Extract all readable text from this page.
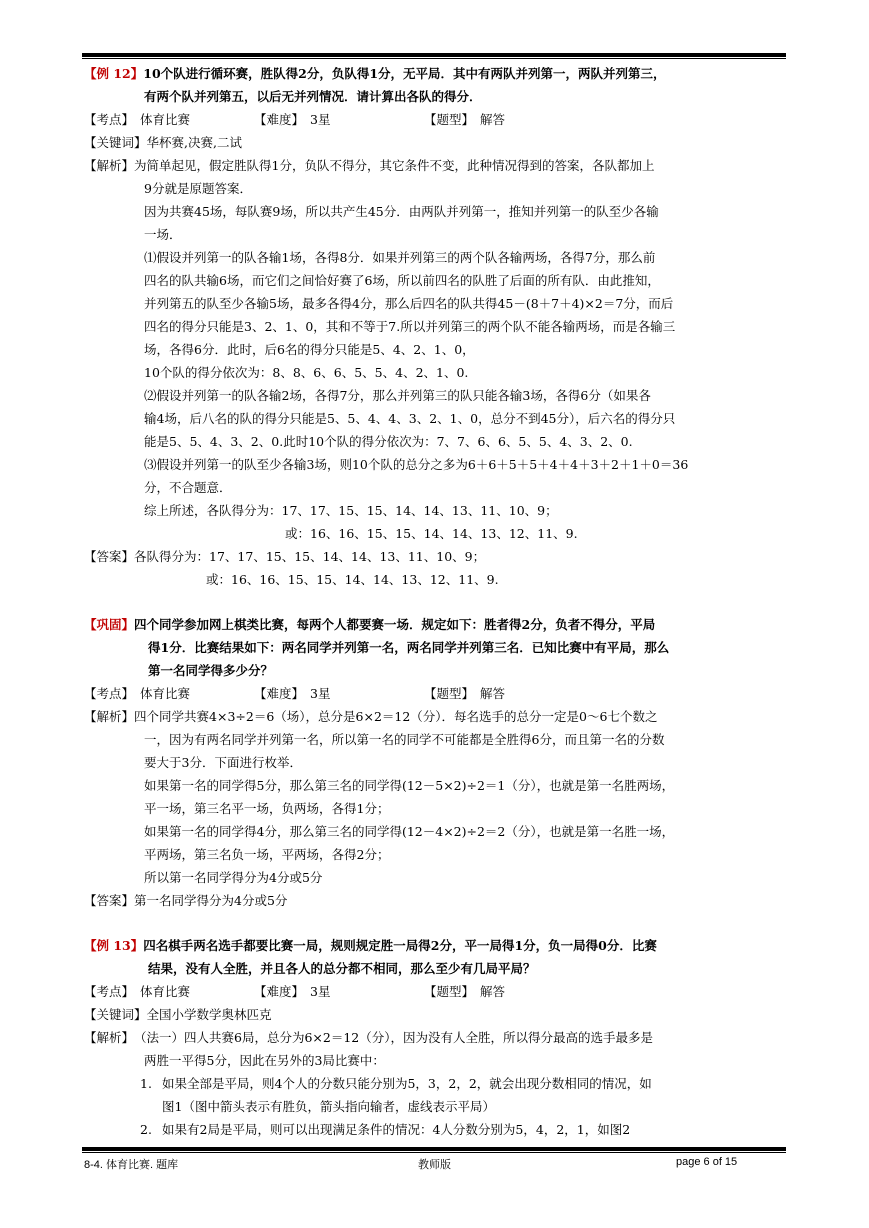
【例 12】 10个队进行循环赛，胜队得2分，负队得1分，无平局．其中有两队并列第一，两队并列第三，
有两个队并列第五，以后无并列情况．请计算出各队的得分．
【考点】 体育比赛	【难度】 3星	【题型】 解答
【关键词】 华杯赛,决赛,二试
【解析】 为简单起见，假定胜队得1分，负队不得分，其它条件不变，此种情况得到的答案，各队都加上
9分就是原题答案．
因为共赛45场，每队赛9场，所以共产生45分．由两队并列第一，推知并列第一的队至少各输
一场．
⑴假设并列第一的队各输1场，各得8分．如果并列第三的两个队各输两场，各得7分，那么前
四名的队共输6场，而它们之间恰好赛了6场，所以前四名的队胜了后面的所有队．由此推知，
并列第五的队至少各输5场，最多各得4分，那么后四名的队共得45－(8＋7＋4)×2＝7分，而后
四名的得分只能是3、2、1、0，其和不等于7.所以并列第三的两个队不能各输两场，而是各输三
场，各得6分．此时，后6名的得分只能是5、4、2、1、0，
10个队的得分依次为：8、8、6、6、5、5、4、2、1、0.
⑵假设并列第一的队各输2场，各得7分，那么并列第三的队只能各输3场，各得6分（如果各
输4场，后八名的队的得分只能是5、5、4、4、3、2、1、0，总分不到45分），后六名的得分只
能是5、5、4、3、2、0.此时10个队的得分依次为：7、7、6、6、5、5、4、3、2、0.
⑶假设并列第一的队至少各输3场，则10个队的总分之多为6＋6＋5＋5＋4＋4＋3＋2＋1＋0＝36
分，不合题意．
综上所述，各队得分为：17、17、15、15、14、14、13、11、10、9；
或：16、16、15、15、14、14、13、12、11、9.
【答案】 各队得分为：17、17、15、15、14、14、13、11、10、9；
或：16、16、15、15、14、14、13、12、11、9.
【巩固】 四个同学参加网上棋类比赛，每两个人都要赛一场．规定如下：胜者得2分，负者不得分，平局
得1分．比赛结果如下：两名同学并列第一名，两名同学并列第三名．已知比赛中有平局，那么
第一名同学得多少分？
【考点】 体育比赛	【难度】 3星	【题型】 解答
【解析】 四个同学共赛4×3÷2＝6（场），总分是6×2＝12（分）．每名选手的总分一定是0～6七个数之
一，因为有两名同学并列第一名，所以第一名的同学不可能都是全胜得6分，而且第一名的分数
要大于3分．下面进行枚举．
如果第一名的同学得5分，那么第三名的同学得(12－5×2)÷2＝1（分），也就是第一名胜两场，
平一场，第三名平一场，负两场，各得1分；
如果第一名的同学得4分，那么第三名的同学得(12－4×2)÷2＝2（分），也就是第一名胜一场，
平两场，第三名负一场，平两场，各得2分；
所以第一名同学得分为4分或5分
【答案】 第一名同学得分为4分或5分
【例 13】 四名棋手两名选手都要比赛一局，规则规定胜一局得2分，平一局得1分，负一局得0分．比赛
结果，没有人全胜，并且各人的总分都不相同，那么至少有几局平局？
【考点】 体育比赛	【难度】 3星	【题型】 解答
【关键词】 全国小学数学奥林匹克
【解析】 （法一）四人共赛6局，总分为6×2＝12（分），因为没有人全胜，所以得分最高的选手最多是
两胜一平得5分，因此在另外的3局比赛中：
1. 如果全部是平局，则4个人的分数只能分别为5，3，2，2，就会出现分数相同的情况，如
图1（图中箭头表示有胜负，箭头指向输者，虚线表示平局）
2. 如果有2局是平局，则可以出现满足条件的情况：4人分数分别为5，4，2，1，如图2
8-4. 体育比赛. 题库	教师版	page 6 of 15
